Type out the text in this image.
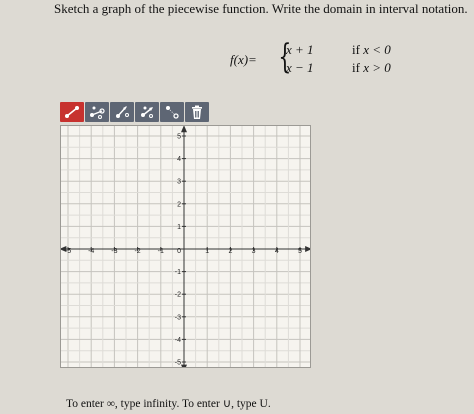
Sketch a graph of the piecewise function. Write the domain in interval notation.
f(x)= {
x + 1	if x < 0
x − 1	if x > 0
-5 -4 -3 -2 -1	1	2	3	4	5
5
4
3
2
1
-1
-2
-3
-4
-5
0
To enter ∞, type infinity. To enter ∪, type U.
